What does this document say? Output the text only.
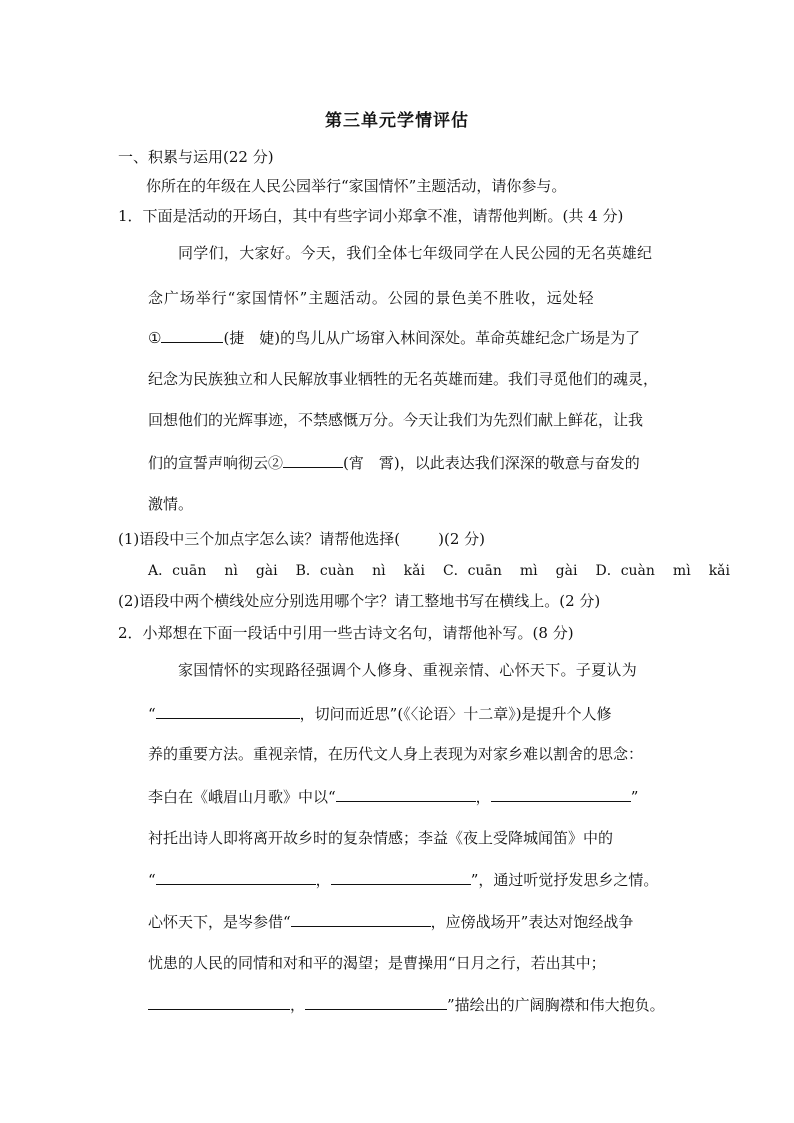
第三单元学情评估
一、积累与运用(22 分)
你所在的年级在人民公园举行“家国情怀”主题活动，请你参与。
1．下面是活动的开场白，其中有些字词小郑拿不准，请帮他判断。(共 4 分)
同学们，大家好。今天，我们全体七年级同学在人民公园的无名英雄纪
念广场举行“家国情怀”主题活动。公园的景色美不胜收，远处轻
①	(捷　婕)的鸟儿从广场窜入林间深处。革命英雄纪念广场是为了
纪念为民族独立和人民解放事业牺牲的无名英雄而建。我们寻觅他们的魂灵，
回想他们的光辉事迹，不禁感慨万分。今天让我们为先烈们献上鲜花，让我
们的宣誓声响彻云②	(宵　霄)，以此表达我们深深的敬意与奋发的
激情。
(1)语段中三个加点字怎么读？请帮他选择(	)(2 分)
A．cuān nì gài B．cuàn nì kǎi C．cuān mì gài D．cuàn mì kǎi
(2)语段中两个横线处应分别选用哪个字？请工整地书写在横线上。(2 分)
2．小郑想在下面一段话中引用一些古诗文名句，请帮他补写。(8 分)
家国情怀的实现路径强调个人修身、重视亲情、心怀天下。子夏认为
“	，切问而近思”(《〈论语〉十二章》)是提升个人修
养的重要方法。重视亲情，在历代文人身上表现为对家乡难以割舍的思念：
李白在《峨眉山月歌》中以“	，	”
衬托出诗人即将离开故乡时的复杂情感；李益《夜上受降城闻笛》中的
“	，	”，通过听觉抒发思乡之情。
心怀天下，是岑参借“	，应傍战场开”表达对饱经战争
忧患的人民的同情和对和平的渴望；是曹操用“日月之行，若出其中；
，	”描绘出的广阔胸襟和伟大抱负。
